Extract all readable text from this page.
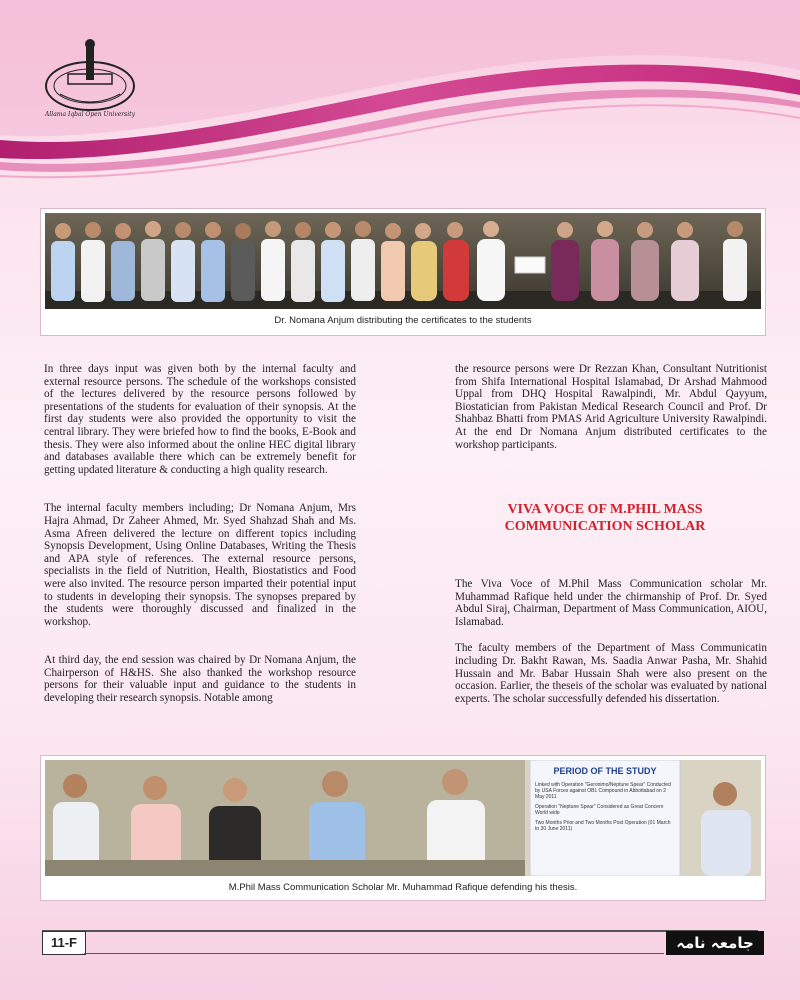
Allama Iqbal Open University
Dr. Nomana Anjum distributing the certificates to the students

In three days input was given both by the internal faculty and external resource persons. The schedule of the workshops consisted of the lectures delivered by the resource persons followed by presentations of the students for evaluation of their synopsis. At the first day students were also provided the opportunity to visit the central library. They were briefed how to find the books, E-Book and thesis. They were also informed about the online HEC digital library and databases available there which can be extremely benefit for getting updated literature & conducting a high quality research.

The internal faculty members including; Dr Nomana Anjum, Mrs Hajra Ahmad, Dr Zaheer Ahmed, Mr. Syed Shahzad Shah and Ms. Asma Afreen delivered the lecture on different topics including Synopsis Development, Using Online Databases, Writing the Thesis and APA style of references. The external resource persons, specialists in the field of Nutrition, Health, Biostatistics and Food were also invited. The resource person imparted their potential input to students in developing their synopsis. The synopses prepared by the students were thoroughly discussed and finalized in the workshop.

At third day, the end session was chaired by Dr Nomana Anjum, the Chairperson of H&HS. She also thanked the workshop resource persons for their valuable input and guidance to the students in developing their research synopsis. Notable among

the resource persons were Dr Rezzan Khan, Consultant Nutritionist from Shifa International Hospital Islamabad, Dr Arshad Mahmood Uppal from DHQ Hospital Rawalpindi, Mr. Abdul Qayyum, Biostatician from Pakistan Medical Research Council and Prof. Dr Shahbaz Bhatti from PMAS Arid Agriculture University Rawalpindi. At the end Dr Nomana Anjum distributed certificates to the workshop participants.

VIVA VOCE OF M.PHIL MASS
COMMUNICATION SCHOLAR

The Viva Voce of M.Phil Mass Communication scholar Mr. Muhammad Rafique held under the chirmanship of Prof. Dr. Syed Abdul Siraj, Chairman, Department of Mass Communication, AIOU, Islamabad.

The faculty members of the Department of Mass Communicatin including Dr. Bakht Rawan, Ms. Saadia Anwar Pasha, Mr. Shahid Hussain and Mr. Babar Hussain Shah were also present on the occasion. Earlier, the theseis of the scholar was evaluated by national experts. The scholar successfully defended his dissertation.

PERIOD OF THE STUDY
Linked with Operation "Geronimo/Neptune Spear" Conducted by USA Forces against OBL Compound in Abbottabad on 2 May 2011
Operation "Neptune Spear" Considered as Great Concern World wide
Two Months Prior and Two Months Post Operation (01 March to 30 June 2011)
M.Phil Mass Communication Scholar Mr. Muhammad Rafique defending his thesis.
11-F	جامعہ نامہ
